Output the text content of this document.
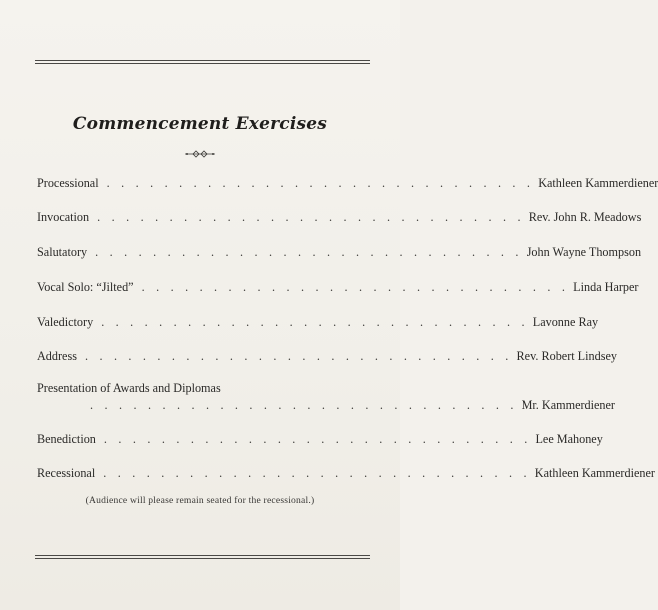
Commencement Exercises
Processional . . . . . . . . . . . . . . . . . . . . . . . . . . . . . . Kathleen Kammerdiener
Invocation . . . . . . . . . . . . . . . . . . . . . . . . . . . . . . Rev. John R. Meadows
Salutatory . . . . . . . . . . . . . . . . . . . . . . . . . . . . . . John Wayne Thompson
Vocal Solo: “Jilted” . . . . . . . . . . . . . . . . . . . . . . . . . . . . . . Linda Harper
Valedictory . . . . . . . . . . . . . . . . . . . . . . . . . . . . . . Lavonne Ray
Address . . . . . . . . . . . . . . . . . . . . . . . . . . . . . . Rev. Robert Lindsey
Presentation of Awards and Diplomas
. . . . . . . . . . . . . . . . . . . . . . . . . . . . . . Mr. Kammerdiener
Benediction . . . . . . . . . . . . . . . . . . . . . . . . . . . . . . Lee Mahoney
Recessional . . . . . . . . . . . . . . . . . . . . . . . . . . . . . . Kathleen Kammerdiener
(Audience will please remain seated for the recessional.)
